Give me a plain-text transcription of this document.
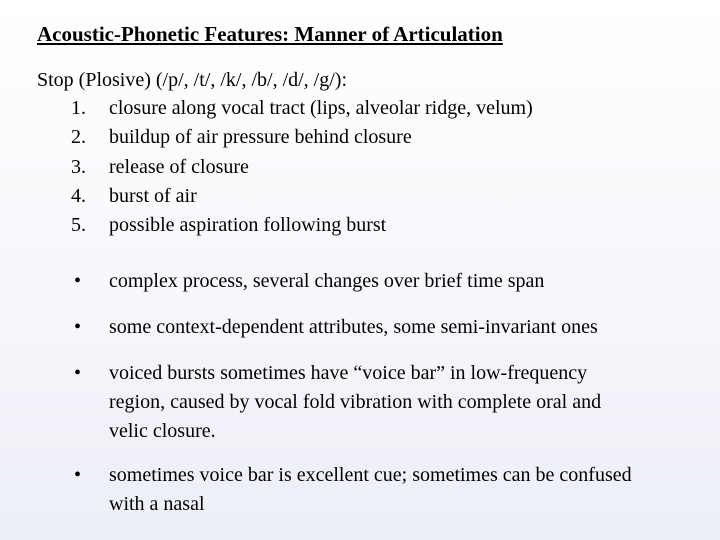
Acoustic-Phonetic Features: Manner of Articulation
Stop (Plosive) (/p/, /t/, /k/, /b/, /d/, /g/):
1. closure along vocal tract (lips, alveolar ridge, velum)
2. buildup of air pressure behind closure
3. release of closure
4. burst of air
5. possible aspiration following burst
• complex process, several changes over brief time span
• some context-dependent attributes, some semi-invariant ones
• voiced bursts sometimes have “voice bar” in low-frequency region, caused by vocal fold vibration with complete oral and velic closure.
• sometimes voice bar is excellent cue; sometimes can be confused with a nasal
